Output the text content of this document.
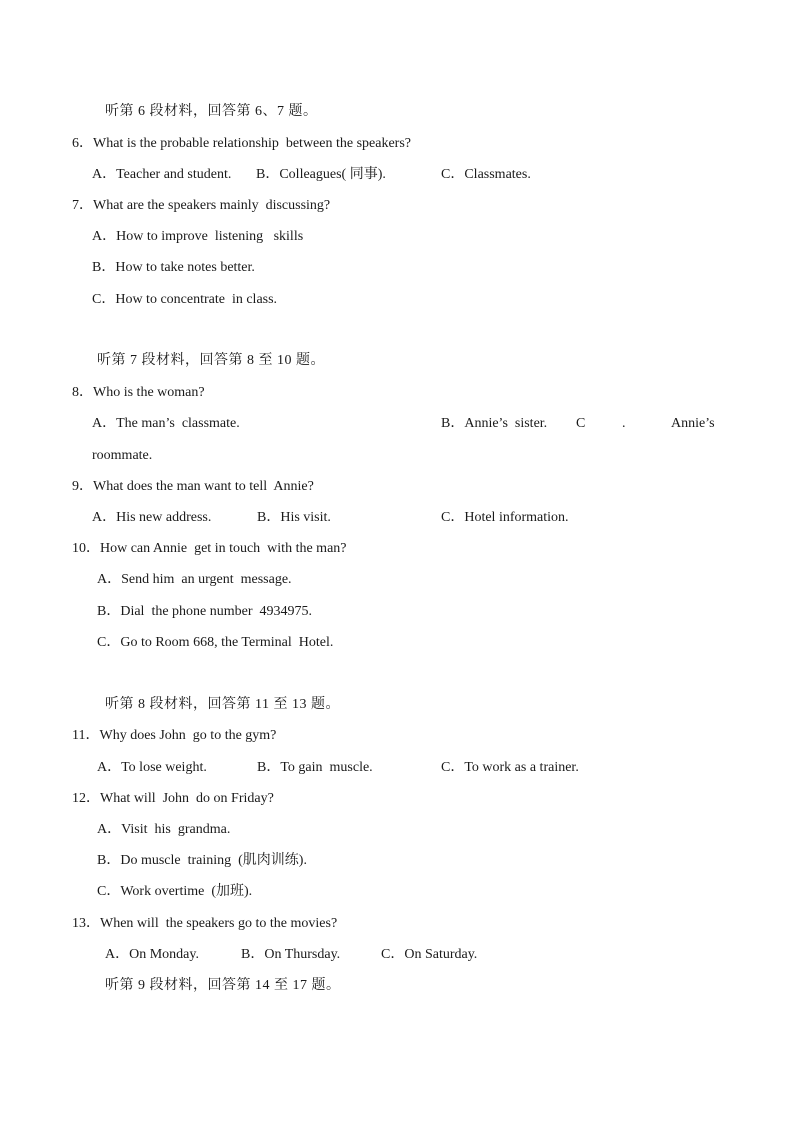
听第 6 段材料，回答第 6、7 题。
6．What is the probable relationship  between the speakers?
A．Teacher and student. B．Colleagues( 同事).	C．Classmates.
7．What are the speakers mainly  discussing?
A．How to improve  listening   skills
B．How to take notes better.
C．How to concentrate  in class.
听第 7 段材料，回答第 8 至 10 题。
8．Who is the woman?
A．The man’s  classmate.	B．Annie’s  sister. C	.	Annie’s
roommate.
9．What does the man want to tell  Annie?
A．His new address.	B．His visit.	C．Hotel information.
10．How can Annie  get in touch  with the man?
A．Send him  an urgent  message.
B．Dial  the phone number  4934975.
C．Go to Room 668, the Terminal  Hotel.
听第 8 段材料，回答第 11 至 13 题。
11．Why does John  go to the gym?
A．To lose weight.	B．To gain  muscle.	C．To work as a trainer.
12．What will  John  do on Friday?
A．Visit  his  grandma.
B．Do muscle  training  (肌肉训练).
C．Work overtime  (加班).
13．When will  the speakers go to the movies?
A．On Monday.	B．On Thursday.	C．On Saturday.
听第 9 段材料，回答第 14 至 17 题。
